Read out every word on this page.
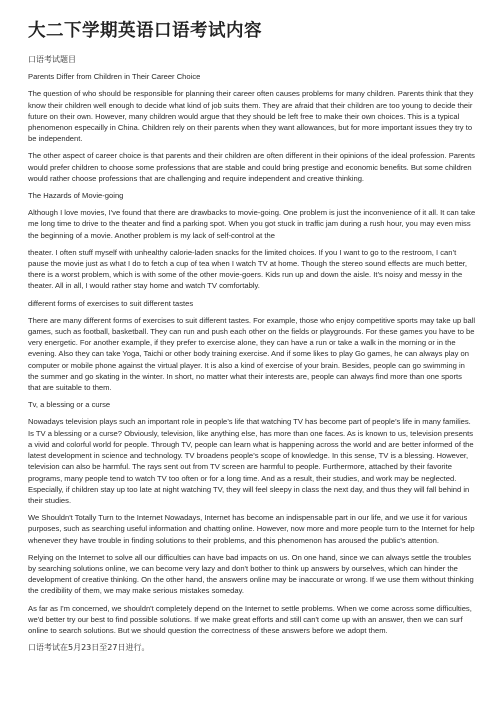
大二下学期英语口语考试内容

口语考试题目

Parents Differ from Children in Their Career Choice

The question of who should be responsible for planning their career often causes problems for many children. Parents think that they know their children well enough to decide what kind of job suits them. They are afraid that their children are too young to decide their future on their own. However, many children would argue that they should be left free to make their own choices. This is a typical phenomenon especailly in China. Children rely on their parents when they want allowances, but for more important issues they try to be independent.

The other aspect of career choice is that parents and their children are often different in their opinions of the ideal profession. Parents would prefer children to choose some professions that are stable and could bring prestige and economic benefits. But some children would rather choose professions that are challenging and require independent and creative thinking.

The Hazards of Movie-going

Although I love movies, I've found that there are drawbacks to movie-going. One problem is just the inconvenience of it all. It can take me long time to drive to the theater and find a parking spot. When you got stuck in traffic jam during a rush hour, you may even miss the beginning of a movie. Another problem is my lack of self-control at the

theater. I often stuff myself with unhealthy calorie-laden snacks for the limited choices. If you I want to go to the restroom, I can’t pause the movie just as what I do to fetch a cup of tea when I watch TV at home. Though the stereo sound effects are much better, there is a worst problem, which is with some of the other movie-goers. Kids run up and down the aisle. It’s noisy and messy in the theater. All in all, I would rather stay home and watch TV comfortably.

different forms of exercises to suit different tastes

There are many different forms of exercises to suit different tastes. For example, those who enjoy competitive sports may take up ball games, such as football, basketball. They can run and push each other on the fields or playgrounds. For these games you have to be very energetic. For another example, if they prefer to exercise alone, they can have a run or take a walk in the morning or in the evening. Also they can take Yoga, Taichi or other body training exercise. And if some likes to play Go games, he can always play on computer or mobile phone against the virtual player. It is also a kind of exercise of your brain. Besides, people can go swimming in the summer and go skating in the winter. In short, no matter what their interests are, people can always find more than one sports that are suitable to them.

Tv, a blessing or a curse

Nowadays television plays such an important role in people’s life that watching TV has become part of people’s life in many families. Is TV a blessing or a curse? Obviously, television, like anything else, has more than one faces. As is known to us, television presents a vivid and colorful world for people. Through TV, people can learn what is happening across the world and are better informed of the latest development in science and technology. TV broadens people’s scope of knowledge. In this sense, TV is a blessing. However, television can also be harmful. The rays sent out from TV screen are harmful to people. Furthermore, attached by their favorite programs, many people tend to watch TV too often or for a long time. And as a result, their studies, and work may be neglected. Especially, if children stay up too late at night watching TV, they will feel sleepy in class the next day, and thus they will fall behind in their studies.

We Shouldn't Totally Turn to the Internet Nowadays, Internet has become an indispensable part in our life, and we use it for various purposes, such as searching useful information and chatting online. However, now more and more people turn to the Internet for help whenever they have trouble in finding solutions to their problems, and this phenomenon has aroused the public's attention.

Relying on the Internet to solve all our difficulties can have bad impacts on us. On one hand, since we can always settle the troubles by searching solutions online, we can become very lazy and don't bother to think up answers by ourselves, which can hinder the development of creative thinking. On the other hand, the answers online may be inaccurate or wrong. If we use them without thinking the credibility of them, we may make serious mistakes someday.

As far as I'm concerned, we shouldn't completely depend on the Internet to settle problems. When we come across some difficulties, we'd better try our best to find possible solutions. If we make great efforts and still can't come up with an answer, then we can surf online to search solutions. But we should question the correctness of these answers before we adopt them.

口语考试在5月23日至27日进行。
